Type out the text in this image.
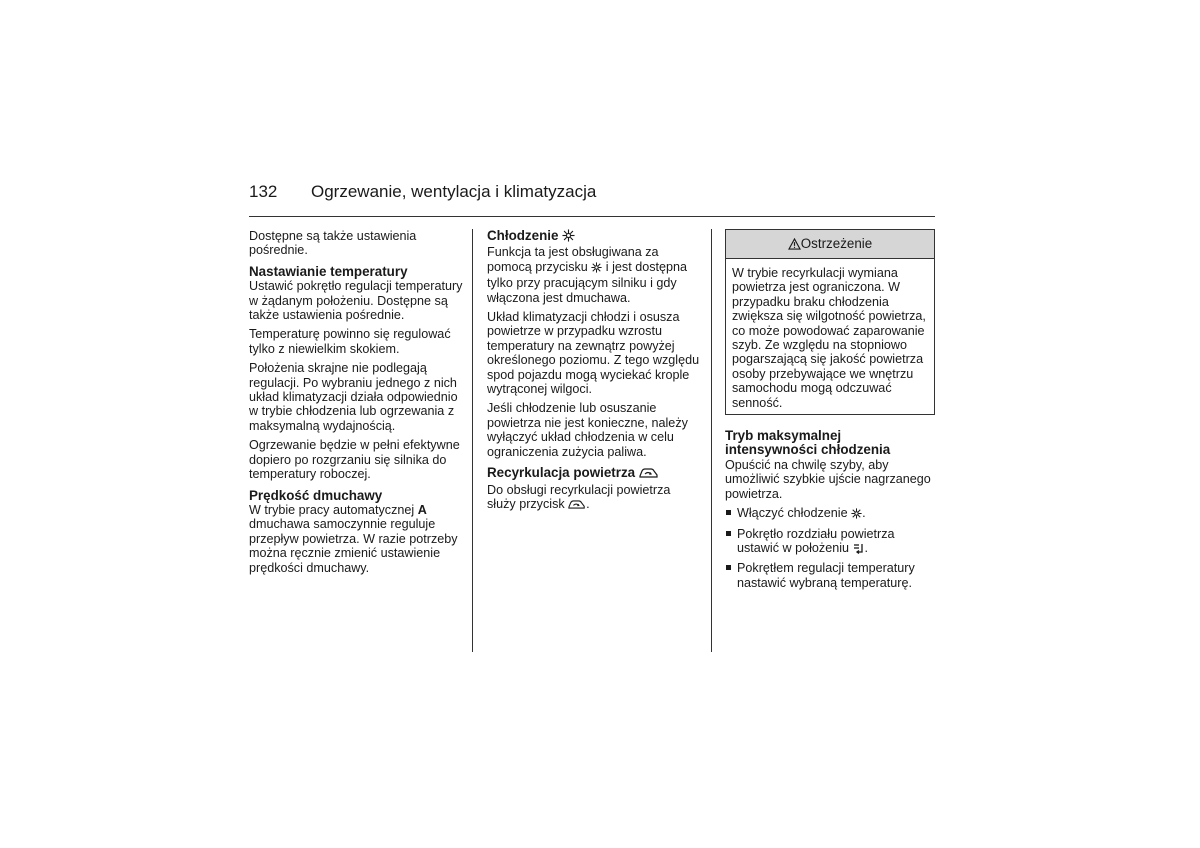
132 Ogrzewanie, wentylacja i klimatyzacja

Dostępne są także ustawienia pośrednie.

Nastawianie temperatury

Ustawić pokrętło regulacji temperatury w żądanym położeniu. Dostępne są także ustawienia pośrednie.

Temperaturę powinno się regulować tylko z niewielkim skokiem.

Położenia skrajne nie podlegają regulacji. Po wybraniu jednego z nich układ klimatyzacji działa odpowiednio w trybie chłodzenia lub ogrzewania z maksymalną wydajnością.

Ogrzewanie będzie w pełni efektywne dopiero po rozgrzaniu się silnika do temperatury roboczej.

Prędkość dmuchawy

W trybie pracy automatycznej A dmuchawa samoczynnie reguluje przepływ powietrza. W razie potrzeby można ręcznie zmienić ustawienie prędkości dmuchawy.

Chłodzenie

Funkcja ta jest obsługiwana za pomocą przycisku i jest dostępna tylko przy pracującym silniku i gdy włączona jest dmuchawa.

Układ klimatyzacji chłodzi i osusza powietrze w przypadku wzrostu temperatury na zewnątrz powyżej określonego poziomu. Z tego względu spod pojazdu mogą wyciekać krople wytrąconej wilgoci.

Jeśli chłodzenie lub osuszanie powietrza nie jest konieczne, należy wyłączyć układ chłodzenia w celu ograniczenia zużycia paliwa.

Recyrkulacja powietrza

Do obsługi recyrkulacji powietrza służy przycisk .

Ostrzeżenie
W trybie recyrkulacji wymiana powietrza jest ograniczona. W przypadku braku chłodzenia zwiększa się wilgotność powietrza, co może powodować zaparowanie szyb. Ze względu na stopniowo pogarszającą się jakość powietrza osoby przebywające we wnętrzu samochodu mogą odczuwać senność.
Tryb maksymalnej intensywności chłodzenia

Opuścić na chwilę szyby, aby umożliwić szybkie ujście nagrzanego powietrza.

Włączyć chłodzenie .
Pokrętło rozdziału powietrza ustawić w położeniu .
Pokrętłem regulacji temperatury nastawić wybraną temperaturę.
